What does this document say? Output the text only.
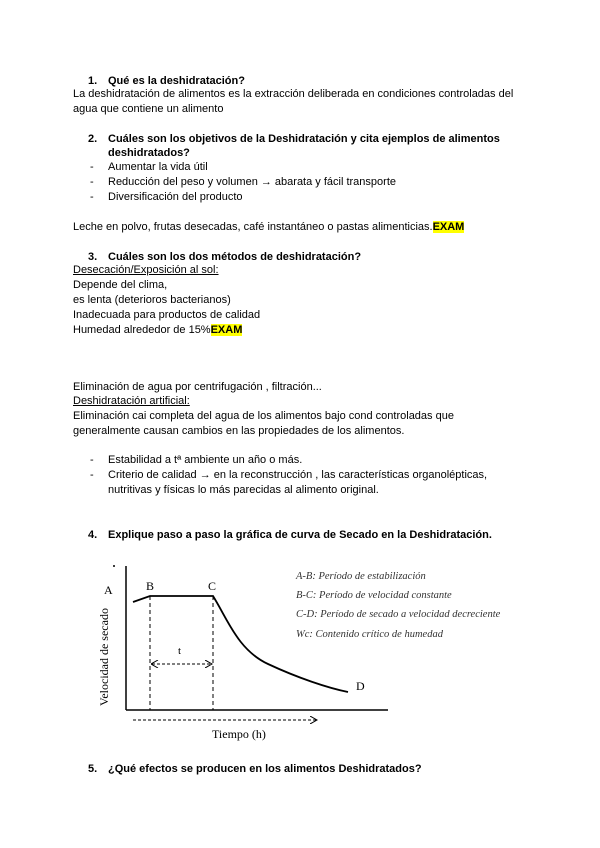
1. Qué es la deshidratación?
La deshidratación de alimentos es la extracción deliberada en condiciones controladas del
agua que contiene un alimento
2. Cuáles son los objetivos de la Deshidratación y cita ejemplos de alimentos
deshidratados?
- Aumentar la vida útil
- Reducción del peso y volumen → abarata y fácil transporte
- Diversificación del producto
Leche en polvo, frutas desecadas, café instantáneo o pastas alimenticias.EXAM
3. Cuáles son los dos métodos de deshidratación?
Desecación/Exposición al sol:
Depende del clima,
es lenta (deterioros bacterianos)
Inadecuada para productos de calidad
Humedad alrededor de 15%EXAM
Eliminación de agua por centrifugación , filtración...
Deshidratación artificial:
Eliminación cai completa del agua de los alimentos bajo cond controladas que
generalmente causan cambios en las propiedades de los alimentos.
- Estabilidad a tª ambiente un año o más.
- Criterio de calidad → en la reconstrucción , las características organolépticas,
nutritivas y físicas lo más parecidas al alimento original.
4. Explique paso a paso la gráfica de curva de Secado en la Deshidratación.
t
A	B	C
D
Velocidad de secado
Tiempo (h)
A-B: Período de estabilización
B-C: Período de velocidad constante
C-D: Período de secado a velocidad decreciente
Wc: Contenido crítico de humedad
5. ¿Qué efectos se producen en los alimentos Deshidratados?
